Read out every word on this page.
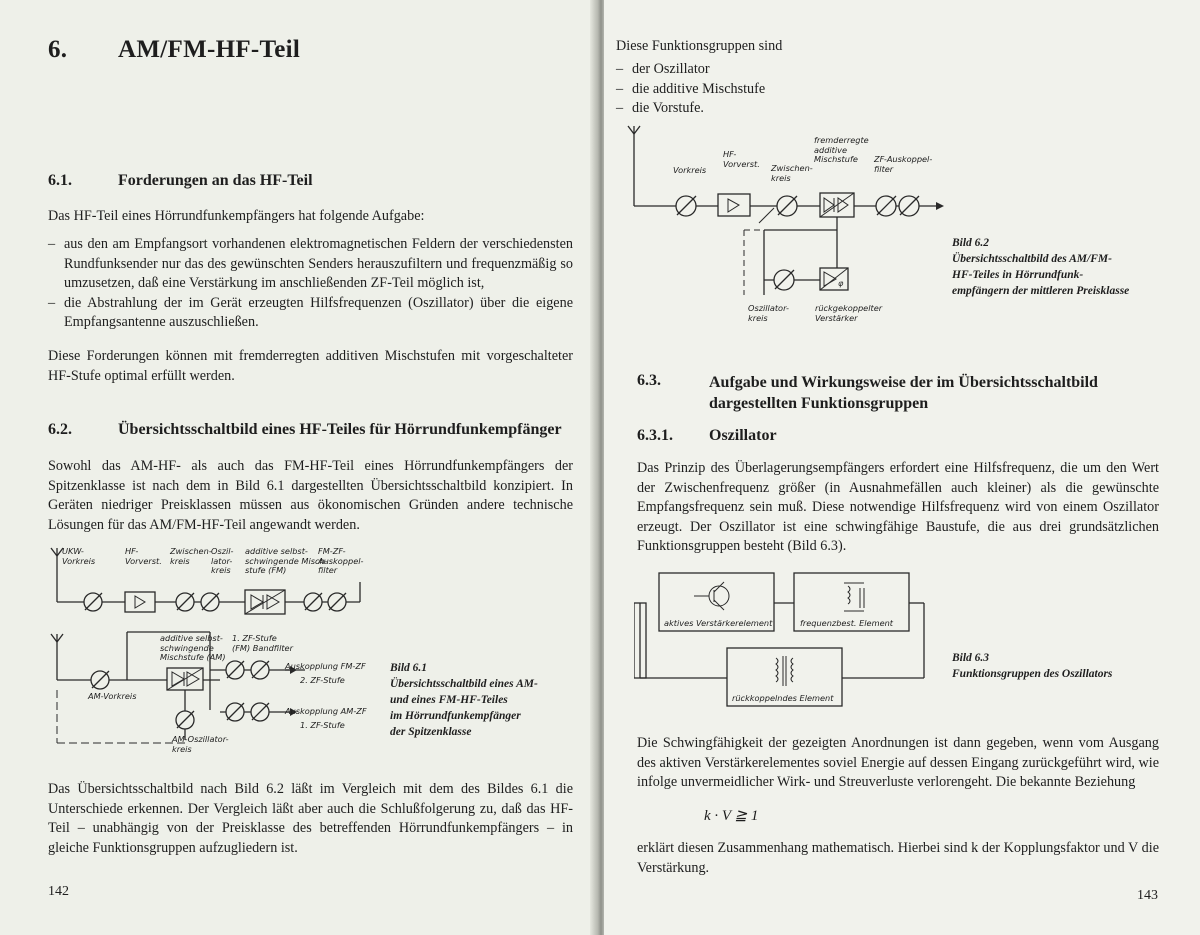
6. AM/FM-HF-Teil
6.1.	Forderungen an das HF-Teil

Das HF-Teil eines Hörrundfunkempfängers hat folgende Aufgabe:

– aus den am Empfangsort vorhandenen elektromagnetischen Feldern der verschiedensten Rundfunksender nur das des gewünschten Senders herauszufiltern und frequenzmäßig so umzusetzen, daß eine Verstärkung im anschließenden ZF-Teil möglich ist,
– die Abstrahlung der im Gerät erzeugten Hilfsfrequenzen (Oszillator) über die eigene Empfangsantenne auszuschließen.

Diese Forderungen können mit fremderregten additiven Mischstufen mit vorgeschalteter HF-Stufe optimal erfüllt werden.

6.2.	Übersichtsschaltbild eines HF-Teiles für Hörrundfunkempfänger

Sowohl das AM-HF- als auch das FM-HF-Teil eines Hörrundfunkempfängers der Spitzenklasse ist nach dem in Bild 6.1 dargestellten Übersichtsschaltbild konzipiert. In Geräten niedriger Preisklassen müssen aus ökonomischen Gründen andere technische Lösungen für das AM/FM-HF-Teil angewandt werden.

UKW-
Vorkreis
HF-
Vorverst.
Zwischen-
kreis
Oszil-
lator-
kreis
additive selbst-
schwingende Misch-
stufe (FM)
FM-ZF-
Auskoppel-
filter
additive selbst-
schwingende
Mischstufe (AM)
1. ZF-Stufe
(FM) Bandfilter
Auskopplung FM-ZF
2. ZF-Stufe
Auskopplung AM-ZF
1. ZF-Stufe
AM-Vorkreis
AM-Oszillator-
kreis
Bild 6.1
Übersichtsschaltbild eines AM-
und eines FM-HF-Teiles
im Hörrundfunkempfänger
der Spitzenklasse

Das Übersichtsschaltbild nach Bild 6.2 läßt im Vergleich mit dem des Bildes 6.1 die Unterschiede erkennen. Der Vergleich läßt aber auch die Schlußfolgerung zu, daß das HF-Teil – unabhängig von der Preisklasse des betreffenden Hörrundfunkempfängers – in gleiche Funktionsgruppen aufzugliedern ist.

142

Diese Funktionsgruppen sind

– der Oszillator
– die additive Mischstufe
– die Vorstufe.
φ
Vorkreis
HF-
Vorverst. Zwischen-
kreis
fremderregte
additive
Mischstufe	ZF-Auskoppel-
filter
Oszillator-
kreis
rückgekoppelter
Verstärker
Bild 6.2
Übersichtsschaltbild des AM/FM-
HF-Teiles in Hörrundfunk-
empfängern der mittleren Preisklasse
6.3.	Aufgabe und Wirkungsweise der im Übersichtsschaltbild dargestellten Funktionsgruppen
6.3.1. Oszillator

Das Prinzip des Überlagerungsempfängers erfordert eine Hilfsfrequenz, die um den Wert der Zwischenfrequenz größer (in Ausnahmefällen auch kleiner) als die gewünschte Empfangsfrequenz sein muß. Diese notwendige Hilfsfrequenz wird von einem Oszillator erzeugt. Der Oszillator ist eine schwingfähige Baustufe, die aus drei grundsätzlichen Funktionsgruppen besteht (Bild 6.3).

aktives Verstärkerelement	frequenzbest. Element
rückkoppelndes Element
Bild 6.3
Funktionsgruppen des Oszillators

Die Schwingfähigkeit der gezeigten Anordnungen ist dann gegeben, wenn vom Ausgang des aktiven Verstärkerelementes soviel Energie auf dessen Eingang zurückgeführt wird, wie infolge unvermeidlicher Wirk- und Streuverluste verlorengeht. Die bekannte Beziehung

k · V ≧ 1

erklärt diesen Zusammenhang mathematisch. Hierbei sind k der Kopplungsfaktor und V die Verstärkung.

143
